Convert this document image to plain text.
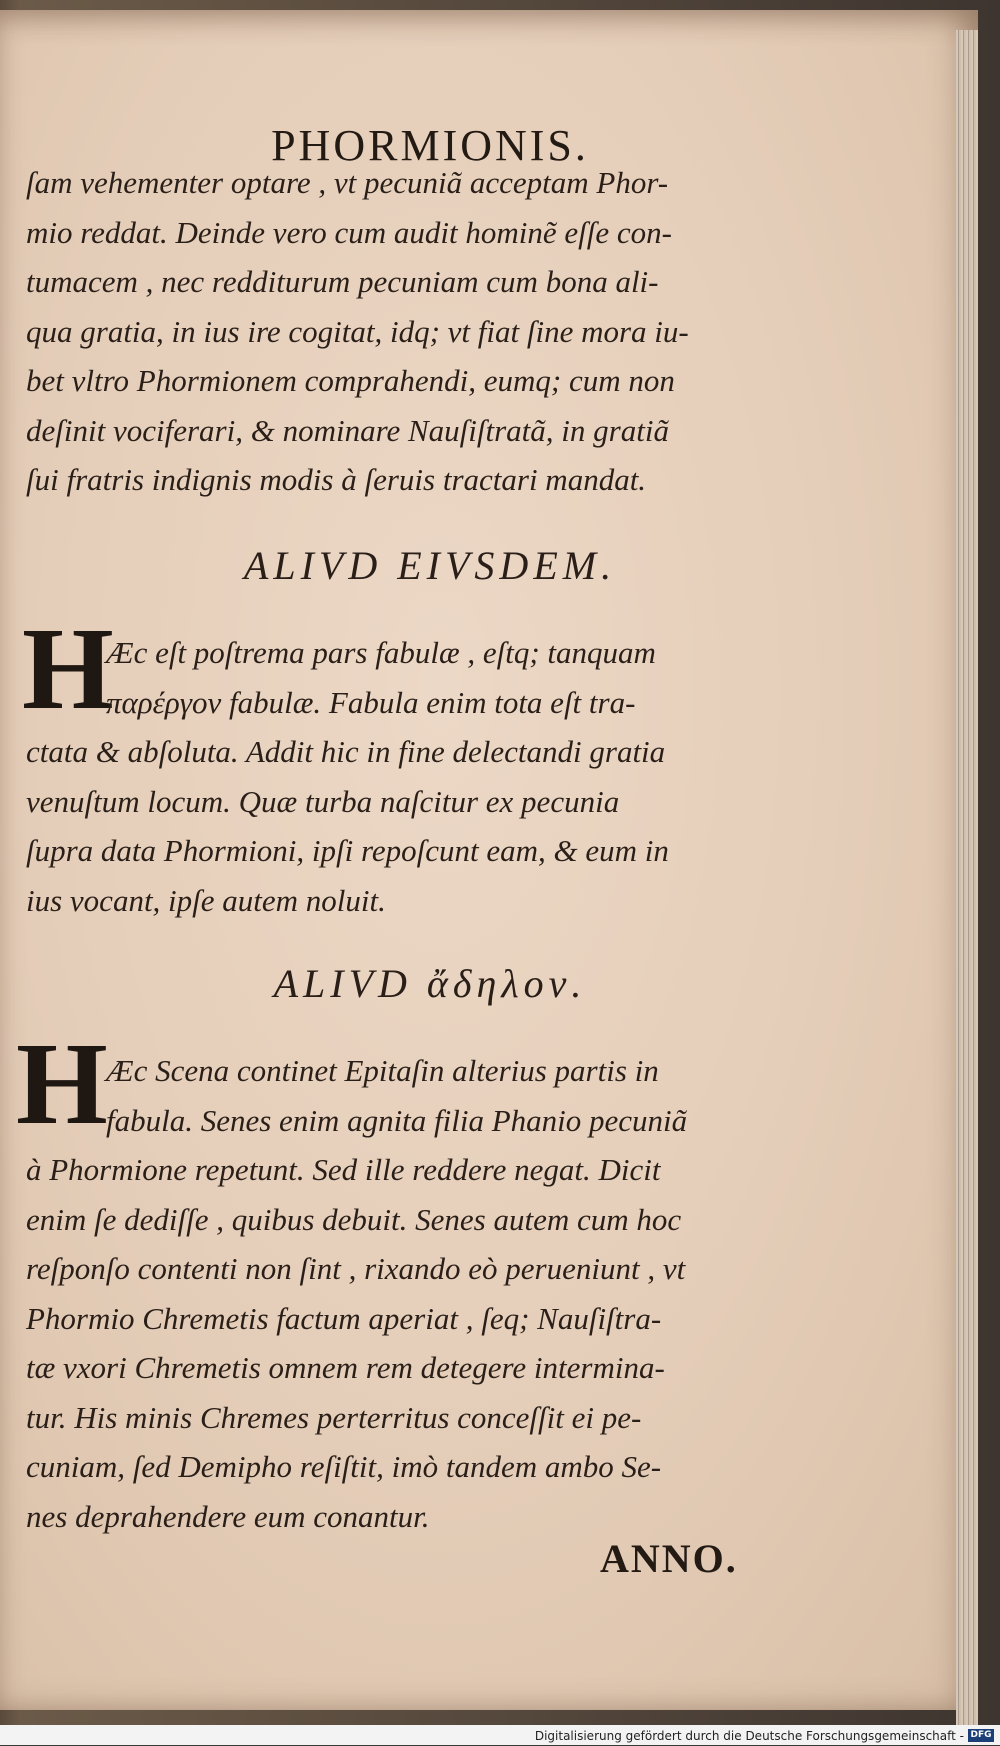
PHORMIONIS.
ſam vehementer optare , vt pecuniã acceptam Phor-
mio reddat. Deinde vero cum audit hominẽ eſſe con-
tumacem , nec redditurum pecuniam cum bona ali-
qua gratia, in ius ire cogitat, idq; vt fiat ſine mora iu-
bet vltro Phormionem comprahendi, eumq; cum non
deſinit vociferari, & nominare Nauſiſtratã, in gratiã
ſui fratris indignis modis à ſeruis tractari mandat.
ALIVD EIVSDEM.
H
Æc eſt poſtrema pars fabulæ , eſtq; tanquam
παρέργον fabulæ. Fabula enim tota eſt tra-
ctata & abſoluta. Addit hic in fine delectandi gratia
venuſtum locum. Quæ turba naſcitur ex pecunia
ſupra data Phormioni, ipſi repoſcunt eam, & eum in
ius vocant, ipſe autem noluit.
ALIVD ἄδηλον.
H
Æc Scena continet Epitaſin alterius partis in
fabula. Senes enim agnita filia Phanio pecuniã
à Phormione repetunt. Sed ille reddere negat. Dicit
enim ſe dediſſe , quibus debuit. Senes autem cum hoc
reſponſo contenti non ſint , rixando eò perueniunt , vt
Phormio Chremetis factum aperiat , ſeq; Nauſiſtra-
tæ vxori Chremetis omnem rem detegere intermina-
tur. His minis Chremes perterritus conceſſit ei pe-
cuniam, ſed Demipho reſiſtit, imò tandem ambo Se-
nes deprahendere eum conantur.
ANNO.
Digitalisierung gefördert durch die Deutsche Forschungsgemeinschaft - DFG
